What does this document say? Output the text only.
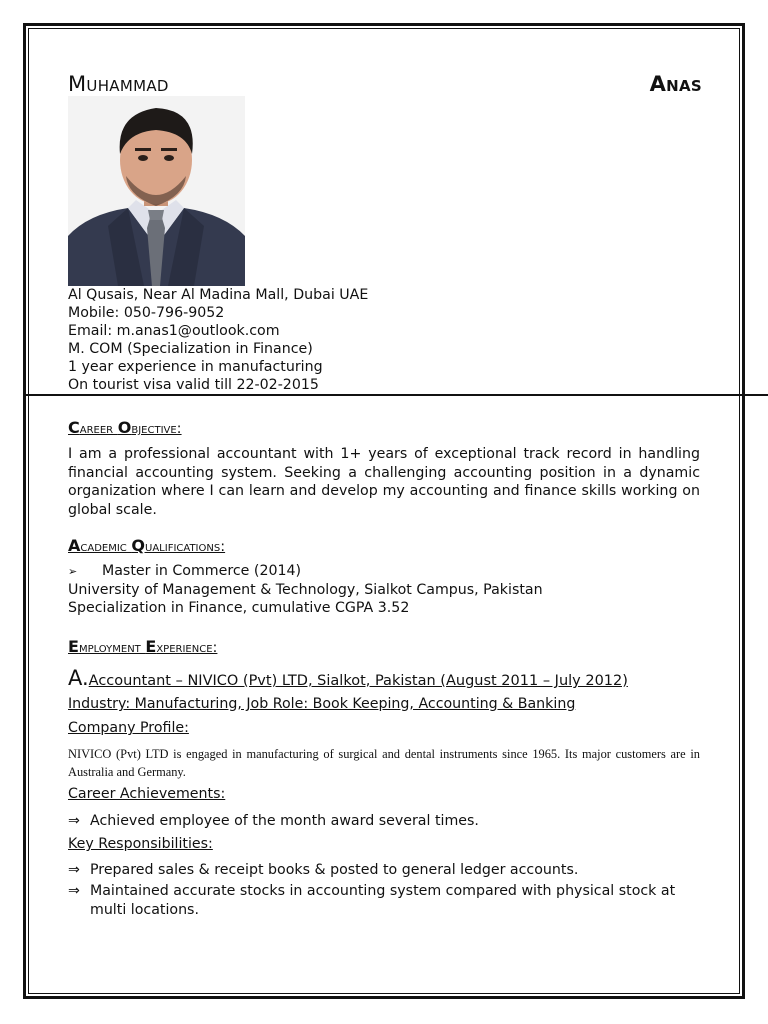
Muhammad	Anas
Al Qusais, Near Al Madina Mall, Dubai UAE
Mobile: 050-796-9052
Email: m.anas1@outlook.com
M. COM (Specialization in Finance)
1 year experience in manufacturing
On tourist visa valid till 22-02-2015
Career Objective:
I am a professional accountant with 1+ years of exceptional track record in handling financial accounting system. Seeking a challenging accounting position in a dynamic organization where I can learn and develop my accounting and finance skills working on global scale.
Academic Qualifications:
➢ Master in Commerce (2014)
University of Management & Technology, Sialkot Campus, Pakistan
Specialization in Finance, cumulative CGPA 3.52
Employment Experience:
A.Accountant – NIVICO (Pvt) LTD, Sialkot, Pakistan (August 2011 – July 2012)
Industry: Manufacturing, Job Role: Book Keeping, Accounting & Banking
Company Profile:
NIVICO (Pvt) LTD is engaged in manufacturing of surgical and dental instruments since 1965. Its major customers are in Australia and Germany.
Career Achievements:
⇒ Achieved employee of the month award several times.
Key Responsibilities:
⇒ Prepared sales & receipt books & posted to general ledger accounts.
⇒ Maintained accurate stocks in accounting system compared with physical stock at multi locations.
